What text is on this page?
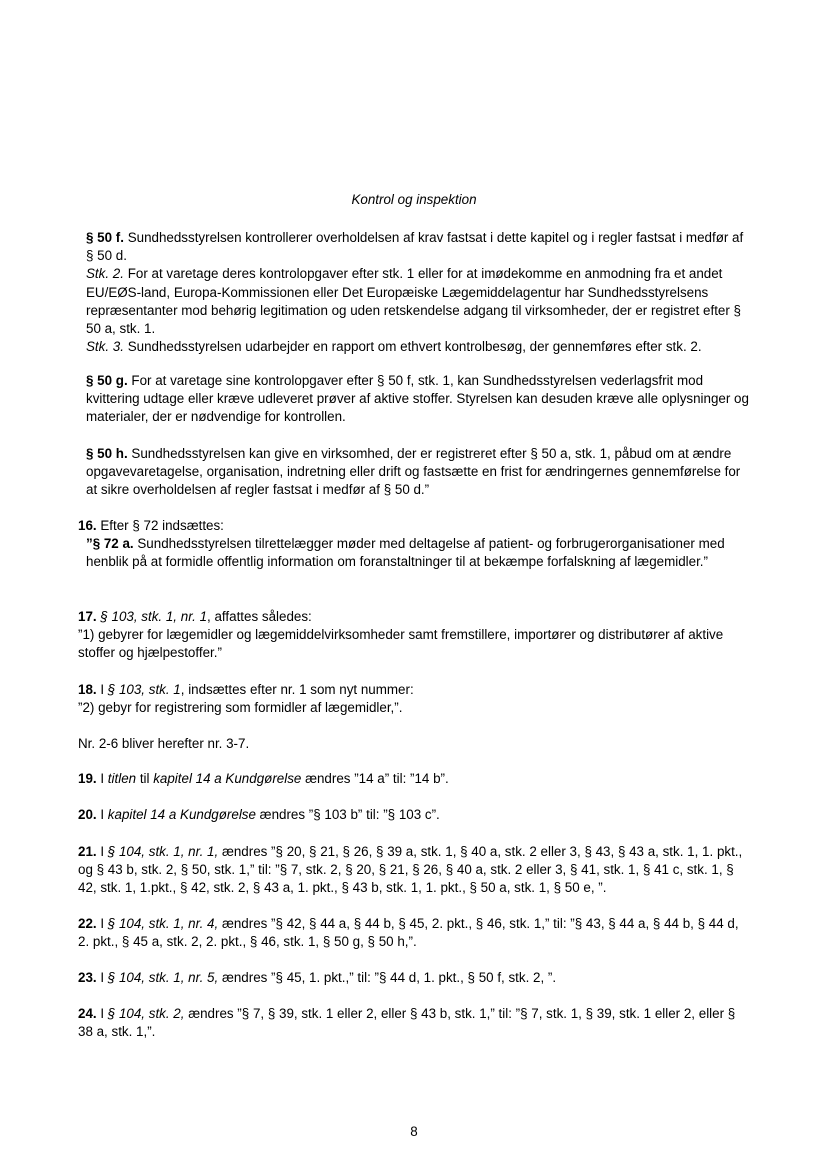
Kontrol og inspektion

§ 50 f. Sundhedsstyrelsen kontrollerer overholdelsen af krav fastsat i dette kapitel og i regler fastsat i medfør af § 50 d.

Stk. 2. For at varetage deres kontrolopgaver efter stk. 1 eller for at imødekomme en anmodning fra et andet EU/EØS-land, Europa-Kommissionen eller Det Europæiske Lægemiddelagentur har Sundhedsstyrelsens repræsentanter mod behørig legitimation og uden retskendelse adgang til virksomheder, der er registret efter § 50 a, stk. 1.

Stk. 3. Sundhedsstyrelsen udarbejder en rapport om ethvert kontrolbesøg, der gennemføres efter stk. 2.

§ 50 g. For at varetage sine kontrolopgaver efter § 50 f, stk. 1, kan Sundhedsstyrelsen vederlagsfrit mod kvittering udtage eller kræve udleveret prøver af aktive stoffer. Styrelsen kan desuden kræve alle oplysninger og materialer, der er nødvendige for kontrollen.

§ 50 h. Sundhedsstyrelsen kan give en virksomhed, der er registreret efter § 50 a, stk. 1, påbud om at ændre opgavevaretagelse, organisation, indretning eller drift og fastsætte en frist for ændringernes gennemførelse for at sikre overholdelsen af regler fastsat i medfør af § 50 d.”

16. Efter § 72 indsættes:

”§ 72 a. Sundhedsstyrelsen tilrettelægger møder med deltagelse af patient- og forbrugerorganisationer med henblik på at formidle offentlig information om foranstaltninger til at bekæmpe forfalskning af lægemidler.”

17. § 103, stk. 1, nr. 1, affattes således:

”1) gebyrer for lægemidler og lægemiddelvirksomheder samt fremstillere, importører og distributører af aktive stoffer og hjælpestoffer.”

18. I § 103, stk. 1, indsættes efter nr. 1 som nyt nummer:

”2) gebyr for registrering som formidler af lægemidler,”.

Nr. 2-6 bliver herefter nr. 3-7.

19. I titlen til kapitel 14 a Kundgørelse ændres ”14 a” til: ”14 b”.

20. I kapitel 14 a Kundgørelse ændres ”§ 103 b” til: ”§ 103 c”.

21. I § 104, stk. 1, nr. 1, ændres ”§ 20, § 21, § 26, § 39 a, stk. 1, § 40 a, stk. 2 eller 3, § 43, § 43 a, stk. 1, 1. pkt., og § 43 b, stk. 2, § 50, stk. 1,” til: ”§ 7, stk. 2, § 20, § 21, § 26, § 40 a, stk. 2 eller 3, § 41, stk. 1, § 41 c, stk. 1, § 42, stk. 1, 1.pkt., § 42, stk. 2, § 43 a, 1. pkt., § 43 b, stk. 1, 1. pkt., § 50 a, stk. 1, § 50 e, ”.

22. I § 104, stk. 1, nr. 4, ændres ”§ 42, § 44 a, § 44 b, § 45, 2. pkt., § 46, stk. 1,” til: ”§ 43, § 44 a, § 44 b, § 44 d, 2. pkt., § 45 a, stk. 2, 2. pkt., § 46, stk. 1, § 50 g, § 50 h,”.

23. I § 104, stk. 1, nr. 5, ændres ”§ 45, 1. pkt.,” til: ”§ 44 d, 1. pkt., § 50 f, stk. 2, ”.

24. I § 104, stk. 2, ændres ”§ 7, § 39, stk. 1 eller 2, eller § 43 b, stk. 1,” til: ”§ 7, stk. 1, § 39, stk. 1 eller 2, eller § 38 a, stk. 1,”.

8
